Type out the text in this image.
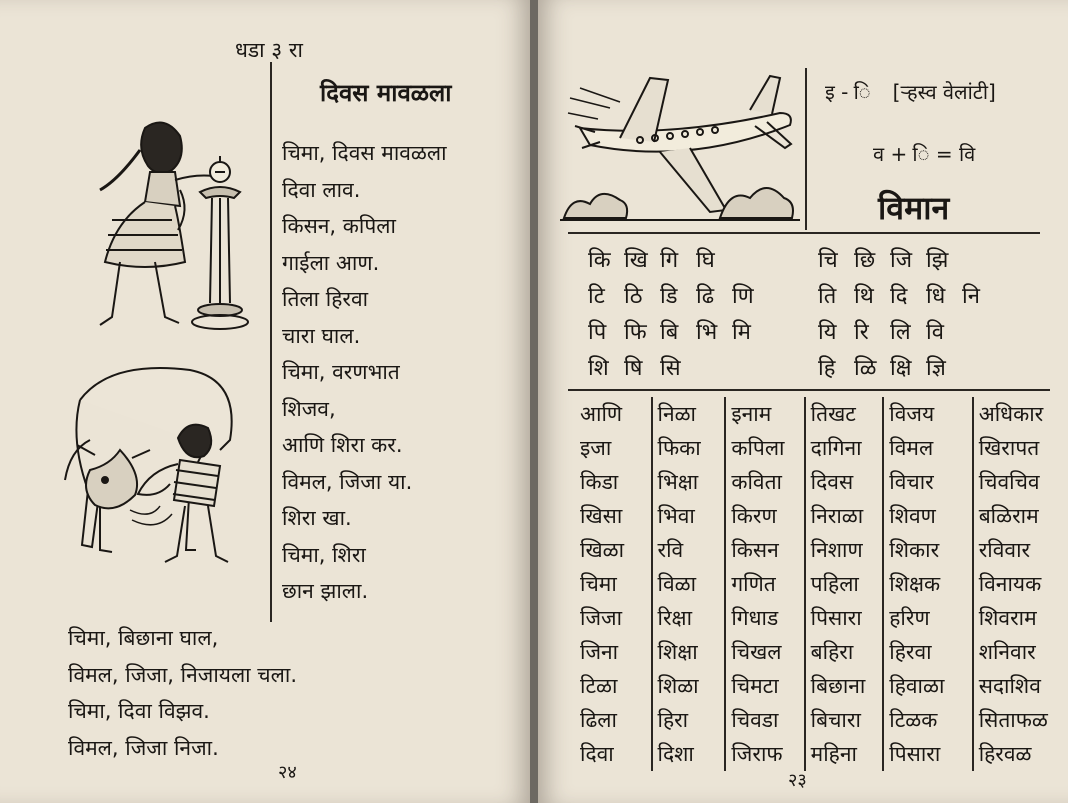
धडा ३ रा
दिवस मावळला
चिमा, दिवस मावळला
दिवा लाव.
किसन, कपिला
गाईला आण.
तिला हिरवा
चारा घाल.
चिमा, वरणभात
शिजव,
आणि शिरा कर.
विमल, जिजा या.
शिरा खा.
चिमा, शिरा
छान झाला.
चिमा, बिछाना घाल,
विमल, जिजा, निजायला चला.
चिमा, दिवा विझव.
विमल, जिजा निजा.
२४
इ - ि [ऱ्हस्व वेलांटी]
व + ि = वि
विमान
कि खि गि घि
टि ठि डि ढि णि
पि फि बि भि मि
शि षि सि
चि छि जि झि
ति थि दि धि नि
यि रि लि वि
हि ळि क्षि ज्ञि
आणि	निळा	इनाम	तिखट	विजय	अधिकार
इजा	फिका	कपिला	दागिना	विमल	खिरापत
किडा	भिक्षा	कविता	दिवस	विचार	चिवचिव
खिसा	भिवा	किरण	निराळा	शिवण	बळिराम
खिळा	रवि	किसन	निशाण	शिकार	रविवार
चिमा	विळा	गणित	पहिला	शिक्षक	विनायक
जिजा	रिक्षा	गिधाड	पिसारा	हरिण	शिवराम
जिना	शिक्षा	चिखल	बहिरा	हिरवा	शनिवार
टिळा	शिळा	चिमटा	बिछाना	हिवाळा	सदाशिव
ढिला	हिरा	चिवडा	बिचारा	टिळक	सिताफळ
दिवा	दिशा	जिराफ	महिना	पिसारा	हिरवळ
२३
